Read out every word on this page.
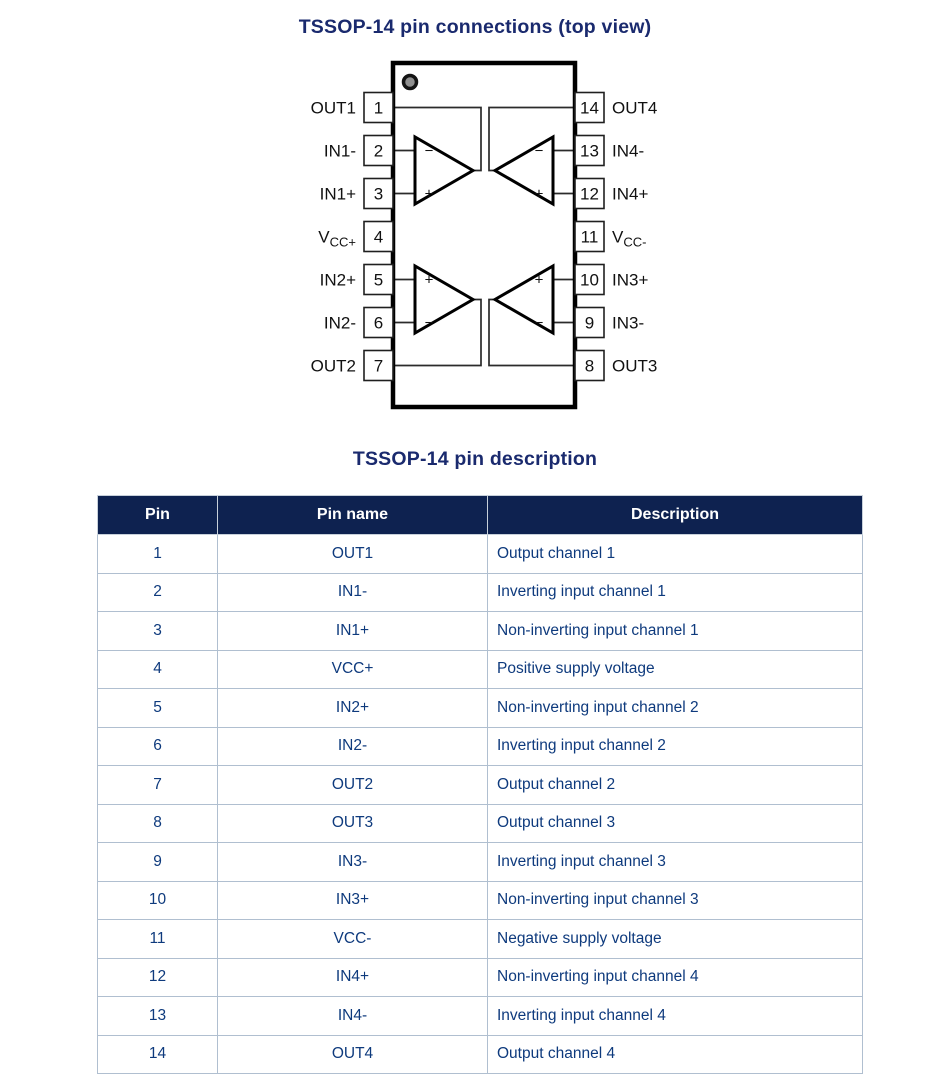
TSSOP-14 pin connections (top view)
−
+
−
+
+
−
+
−
1
OUT1
2
IN1-
3
IN1+
4
$V_{CC}+$
5
IN2+
6
IN2-
7
OUT2
14 OUT4
13 IN4-
12 IN4+
11 $V_{CC}-$
10 IN3+
9 IN3-
8 OUT3
TSSOP-14 pin description
Pin	Pin name	Description
1	OUT1	Output channel 1
2	IN1-	Inverting input channel 1
3	IN1+	Non-inverting input channel 1
4	VCC+	Positive supply voltage
5	IN2+	Non-inverting input channel 2
6	IN2-	Inverting input channel 2
7	OUT2	Output channel 2
8	OUT3	Output channel 3
9	IN3-	Inverting input channel 3
10	IN3+	Non-inverting input channel 3
11	VCC-	Negative supply voltage
12	IN4+	Non-inverting input channel 4
13	IN4-	Inverting input channel 4
14	OUT4	Output channel 4
